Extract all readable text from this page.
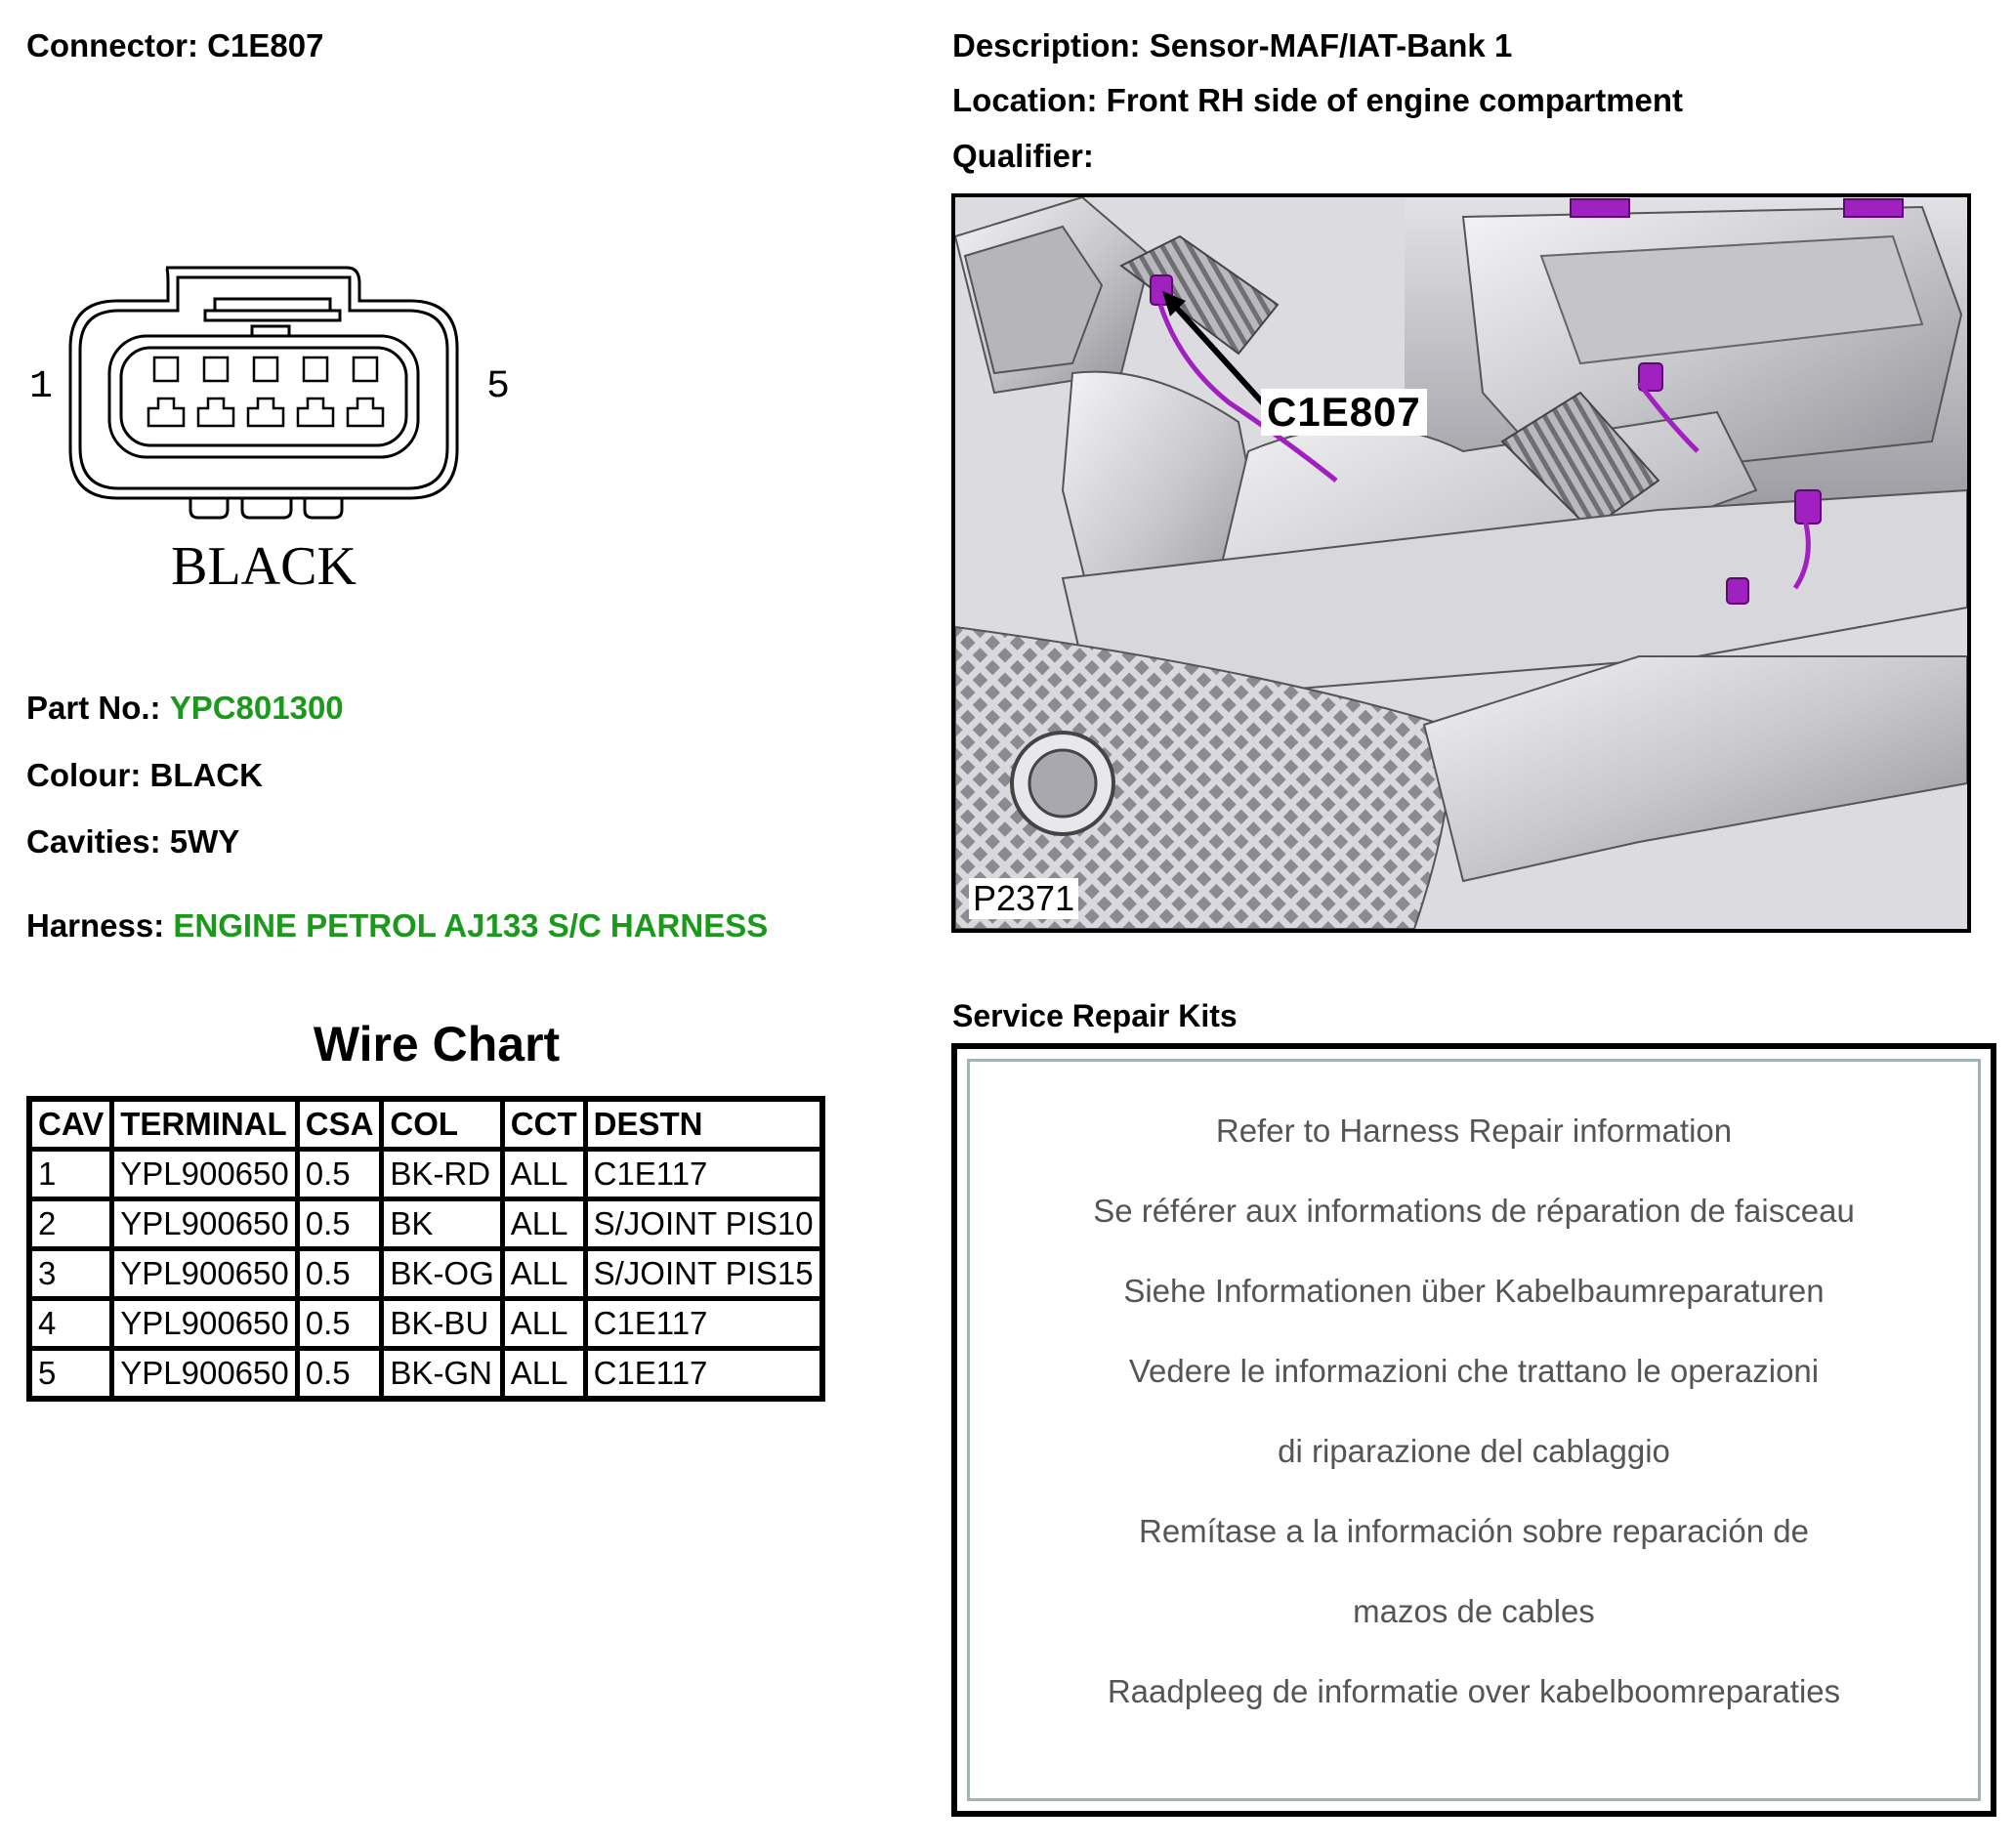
Connector: C1E807
1	5
BLACK
Part No.: YPC801300
Colour: BLACK
Cavities: 5WY
Harness: ENGINE PETROL AJ133 S/C HARNESS
Wire Chart
CAV	TERMINAL	CSA	COL	CCT	DESTN
1	YPL900650	0.5	BK-RD	ALL	C1E117
2	YPL900650	0.5	BK	ALL	S/JOINT PIS10
3	YPL900650	0.5	BK-OG	ALL	S/JOINT PIS15
4	YPL900650	0.5	BK-BU	ALL	C1E117
5	YPL900650	0.5	BK-GN	ALL	C1E117
Description: Sensor-MAF/IAT-Bank 1
Location: Front RH side of engine compartment
Qualifier:
C1E807
P2371
Service Repair Kits
Refer to Harness Repair information
Se référer aux informations de réparation de faisceau
Siehe Informationen über Kabelbaumreparaturen
Vedere le informazioni che trattano le operazioni
di riparazione del cablaggio
Remítase a la información sobre reparación de
mazos de cables
Raadpleeg de informatie over kabelboomreparaties
